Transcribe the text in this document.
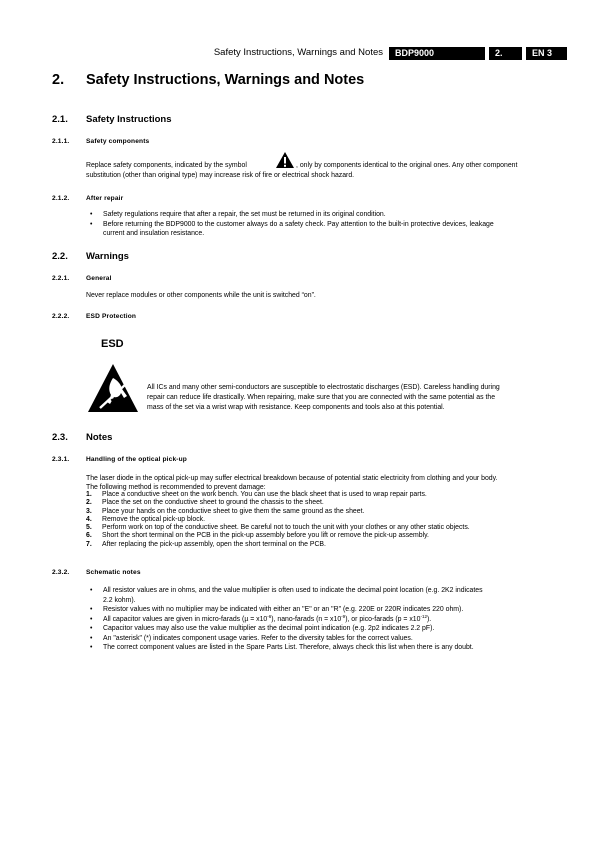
Safety Instructions, Warnings and Notes	BDP9000	2.	EN 3
2. Safety Instructions, Warnings and Notes
2.1. Safety Instructions
2.1.1.	Safety components
Replace safety components, indicated by the symbol	, only by components identical to the original ones. Any other component
substitution (other than original type) may increase risk of fire or electrical shock hazard.
2.1.2.	After repair
• Safety regulations require that after a repair, the set must be returned in its original condition.
• Before returning the BDP9000 to the customer always do a safety check. Pay attention to the built-in protective devices, leakage
current and insulation resistance.
2.2. Warnings
2.2.1.	General
Never replace modules or other components while the unit is switched “on”.
2.2.2.	ESD Protection
ESD
All ICs and many other semi-conductors are susceptible to electrostatic discharges (ESD). Careless handling during
repair can reduce life drastically. When repairing, make sure that you are connected with the same potential as the
mass of the set via a wrist wrap with resistance. Keep components and tools also at this potential.
2.3. Notes
2.3.1.	Handling of the optical pick-up
The laser diode in the optical pick-up may suffer electrical breakdown because of potential static electricity from clothing and your body.
The following method is recommended to prevent damage:
1. Place a conductive sheet on the work bench. You can use the black sheet that is used to wrap repair parts.
2. Place the set on the conductive sheet to ground the chassis to the sheet.
3. Place your hands on the conductive sheet to give them the same ground as the sheet.
4. Remove the optical pick-up block.
5. Perform work on top of the conductive sheet. Be careful not to touch the unit with your clothes or any other static objects.
6. Short the short terminal on the PCB in the pick-up assembly before you lift or remove the pick-up assembly.
7. After replacing the pick-up assembly, open the short terminal on the PCB.
2.3.2.	Schematic notes
• All resistor values are in ohms, and the value multiplier is often used to indicate the decimal point location (e.g. 2K2 indicates
2.2 kohm).
• Resistor values with no multiplier may be indicated with either an "E" or an "R" (e.g. 220E or 220R indicates 220 ohm).
• All capacitor values are given in micro-farads $(\mu = x10^{-6})$, nano-farads $(n = x10^{-9})$, or pico-farads $(p = x10^{-12})$.
• Capacitor values may also use the value multiplier as the decimal point indication (e.g. 2p2 indicates 2.2 pF).
• An "asterisk" (*) indicates component usage varies. Refer to the diversity tables for the correct values.
• The correct component values are listed in the Spare Parts List. Therefore, always check this list when there is any doubt.
